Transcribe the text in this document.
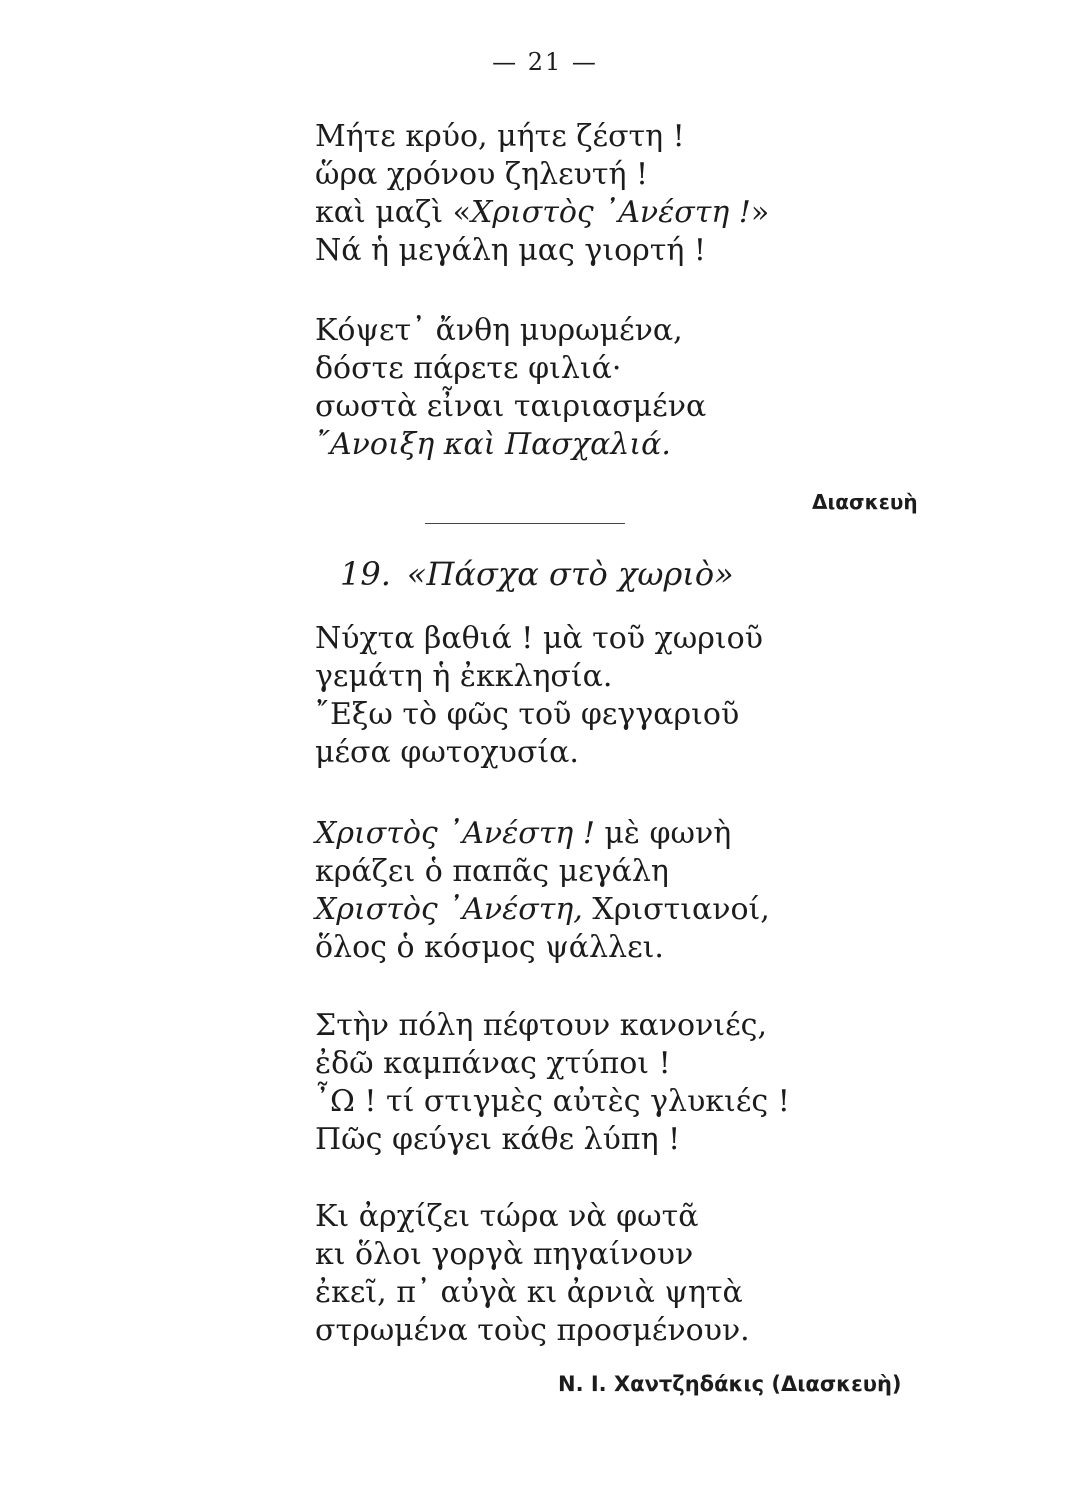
— 21 —
Μήτε κρύο, μήτε ζέστη !
ὥρα χρόνου ζηλευτή !
καὶ μαζὶ «Χριστὸς ᾿Ανέστη !»
Νά ἡ μεγάλη μας γιορτή !
Κόψετ᾿ ἄνθη μυρωμένα,
δόστε πάρετε φιλιά·
σωστὰ εἶναι ταιριασμένα
῎Ανοιξη καὶ Πασχαλιά.
Διασκευὴ
19. «Πάσχα στὸ χωριὸ»
Νύχτα βαθιά ! μὰ τοῦ χωριοῦ
γεμάτη ἡ ἐκκλησία.
῎Εξω τὸ φῶς τοῦ φεγγαριοῦ
μέσα φωτοχυσία.
Χριστὸς ᾿Ανέστη ! μὲ φωνὴ
κράζει ὁ παπᾶς μεγάλη
Χριστὸς ᾿Ανέστη, Χριστιανοί,
ὅλος ὁ κόσμος ψάλλει.
Στὴν πόλη πέφτουν κανονιές,
ἐδῶ καμπάνας χτύποι !
῏Ω ! τί στιγμὲς αὐτὲς γλυκιές !
Πῶς φεύγει κάθε λύπη !
Κι ἀρχίζει τώρα νὰ φωτᾶ
κι ὅλοι γοργὰ πηγαίνουν
ἐκεῖ, π᾿ αὐγὰ κι ἀρνιὰ ψητὰ
στρωμένα τοὺς προσμένουν.
Ν. Ι. Χαντζηδάκις (Διασκευὴ)
